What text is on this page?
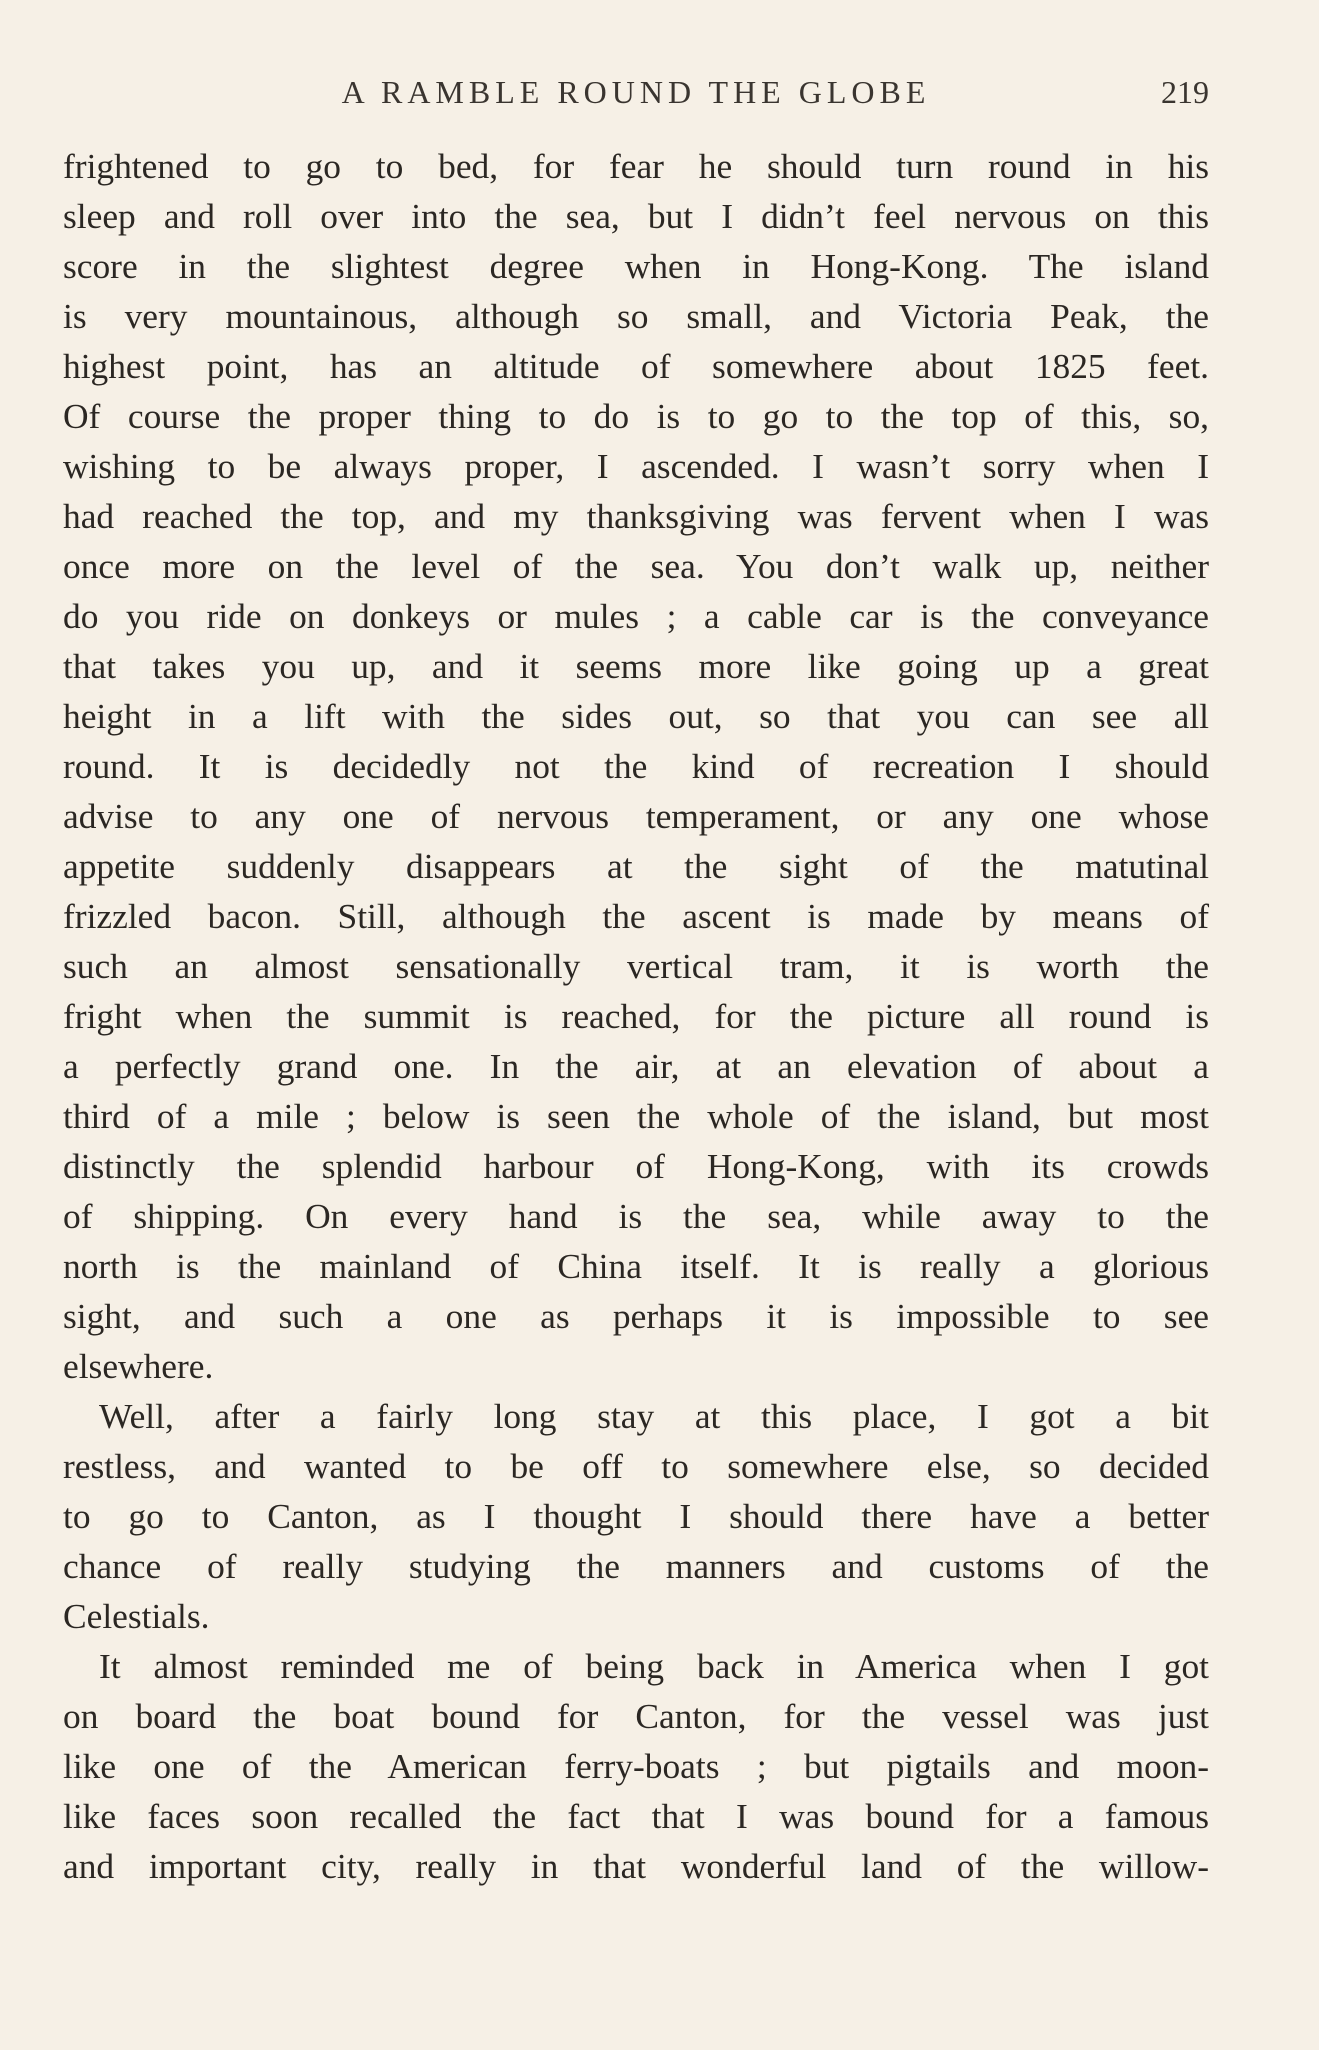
A RAMBLE ROUND THE GLOBE	219
frightened to go to bed, for fear he should turn round in his
sleep and roll over into the sea, but I didn’t feel nervous on this
score in the slightest degree when in Hong-Kong. The island
is very mountainous, although so small, and Victoria Peak, the
highest point, has an altitude of somewhere about 1825 feet.
Of course the proper thing to do is to go to the top of this, so,
wishing to be always proper, I ascended. I wasn’t sorry when I
had reached the top, and my thanksgiving was fervent when I was
once more on the level of the sea. You don’t walk up, neither
do you ride on donkeys or mules ; a cable car is the conveyance
that takes you up, and it seems more like going up a great
height in a lift with the sides out, so that you can see all
round. It is decidedly not the kind of recreation I should
advise to any one of nervous temperament, or any one whose
appetite suddenly disappears at the sight of the matutinal
frizzled bacon. Still, although the ascent is made by means of
such an almost sensationally vertical tram, it is worth the
fright when the summit is reached, for the picture all round is
a perfectly grand one. In the air, at an elevation of about a
third of a mile ; below is seen the whole of the island, but most
distinctly the splendid harbour of Hong-Kong, with its crowds
of shipping. On every hand is the sea, while away to the
north is the mainland of China itself. It is really a glorious
sight, and such a one as perhaps it is impossible to see
elsewhere.
Well, after a fairly long stay at this place, I got a bit
restless, and wanted to be off to somewhere else, so decided
to go to Canton, as I thought I should there have a better
chance of really studying the manners and customs of the
Celestials.
It almost reminded me of being back in America when I got
on board the boat bound for Canton, for the vessel was just
like one of the American ferry-boats ; but pigtails and moon-
like faces soon recalled the fact that I was bound for a famous
and important city, really in that wonderful land of the willow-
